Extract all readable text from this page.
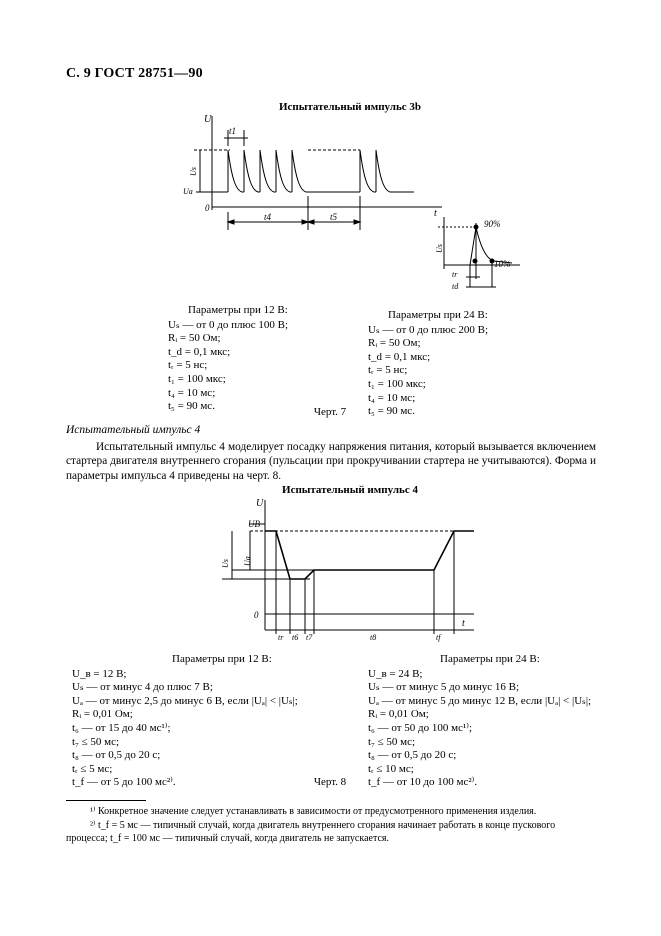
С. 9 ГОСТ 28751—90
Испытательный импульс 3b
U
t
0
t1
t4	t5
Uа
Us
90%
10%
tr
td
Us
Параметры при 12 В:
Uₛ — от 0 до плюс 100 В;
Rᵢ = 50 Ом;
t_d = 0,1 мкс;
tᵣ = 5 нс;
t₁ = 100 мкс;
t₄ = 10 мс;
t₅ = 90 мс.
Параметры при 24 В:
Uₛ — от 0 до плюс 200 В;
Rᵢ = 50 Ом;
t_d = 0,1 мкс;
tᵣ = 5 нс;
t₁ = 100 мкс;
t₄ = 10 мс;
t₅ = 90 мс.
Черт. 7
Испытательный импульс 4
Испытательный импульс 4 моделирует посадку напряжения питания, который вызывается включением стартера двигателя внутреннего сгорания (пульсации при прокручивании стартера не учитываются). Форма и параметры импульса 4 приведены на черт. 8.
Испытательный импульс 4
U
t
0
UB
Ua
Us
tr t6 t7	t8	tf
Параметры при 12 В:
U_в = 12 В;
Uₛ — от минус 4 до плюс 7 В;
Uₐ — от минус 2,5 до минус 6 В, если |Uₐ| < |Uₛ|;
Rᵢ = 0,01 Ом;
t₆ — от 15 до 40 мс¹⁾;
t₇ ≤ 50 мс;
t₈ — от 0,5 до 20 с;
tᵣ ≤ 5 мс;
t_f — от 5 до 100 мс²⁾.
Параметры при 24 В:
U_в = 24 В;
Uₛ — от минус 5 до минус 16 В;
Uₐ — от минус 5 до минус 12 В, если |Uₐ| < |Uₛ|;
Rᵢ = 0,01 Ом;
t₆ — от 50 до 100 мс¹⁾;
t₇ ≤ 50 мс;
t₈ — от 0,5 до 20 с;
tᵣ ≤ 10 мс;
t_f — от 10 до 100 мс²⁾.
Черт. 8
¹⁾ Конкретное значение следует устанавливать в зависимости от предусмотренного применения изделия.
²⁾ t_f = 5 мс — типичный случай, когда двигатель внутреннего сгорания начинает работать в конце пускового процесса; t_f = 100 мс — типичный случай, когда двигатель не запускается.
